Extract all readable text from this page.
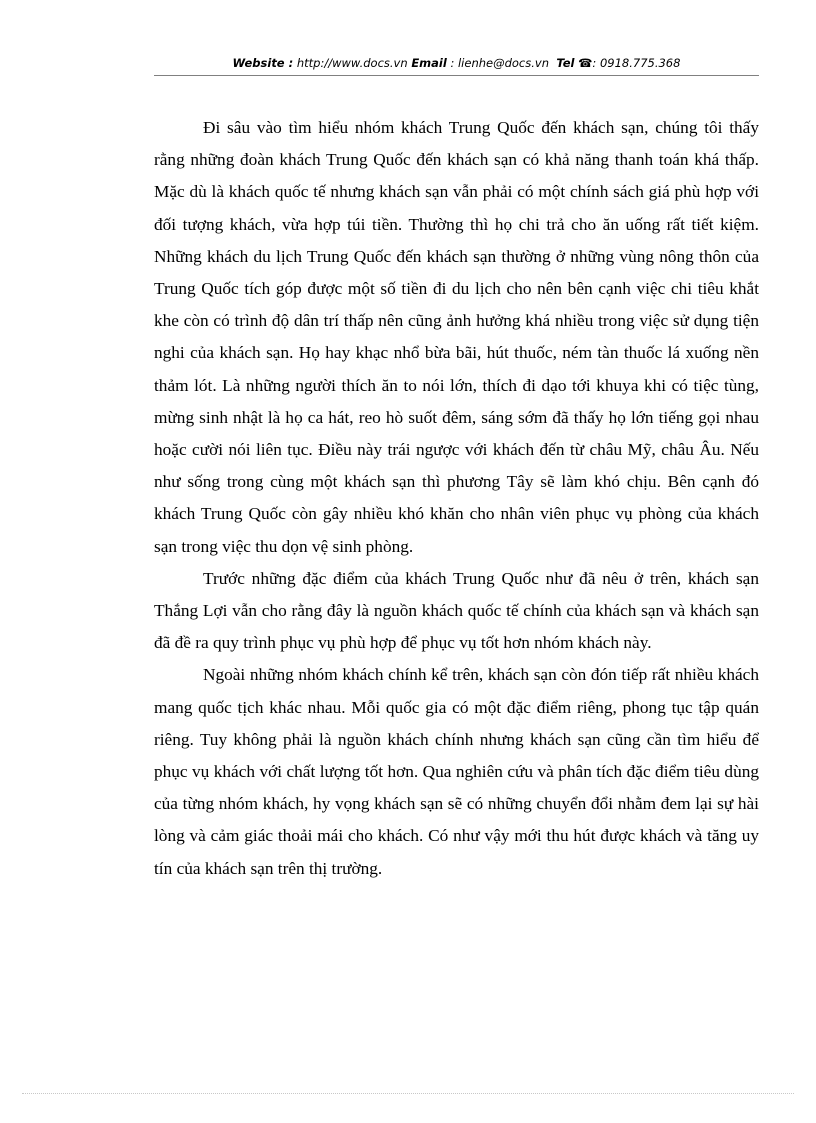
Website : http://www.docs.vn Email : lienhe@docs.vn Tel ☎: 0918.775.368

Đi sâu vào tìm hiểu nhóm khách Trung Quốc đến khách sạn, chúng tôi thấy rằng những đoàn khách Trung Quốc đến khách sạn có khả năng thanh toán khá thấp. Mặc dù là khách quốc tế nhưng khách sạn vẫn phải có một chính sách giá phù hợp với đối tượng khách, vừa hợp túi tiền. Thường thì họ chi trả cho ăn uống rất tiết kiệm. Những khách du lịch Trung Quốc đến khách sạn thường ở những vùng nông thôn của Trung Quốc tích góp được một số tiền đi du lịch cho nên bên cạnh việc chi tiêu khắt khe còn có trình độ dân trí thấp nên cũng ảnh hưởng khá nhiều trong việc sử dụng tiện nghi của khách sạn. Họ hay khạc nhổ bừa bãi, hút thuốc, ném tàn thuốc lá xuống nền thảm lót. Là những người thích ăn to nói lớn, thích đi dạo tới khuya khi có tiệc tùng, mừng sinh nhật là họ ca hát, reo hò suốt đêm, sáng sớm đã thấy họ lớn tiếng gọi nhau hoặc cười nói liên tục. Điều này trái ngược với khách đến từ châu Mỹ, châu Âu. Nếu như sống trong cùng một khách sạn thì phương Tây sẽ làm khó chịu. Bên cạnh đó khách Trung Quốc còn gây nhiều khó khăn cho nhân viên phục vụ phòng của khách sạn trong việc thu dọn vệ sinh phòng.

Trước những đặc điểm của khách Trung Quốc như đã nêu ở trên, khách sạn Thắng Lợi vẫn cho rằng đây là nguồn khách quốc tế chính của khách sạn và khách sạn đã đề ra quy trình phục vụ phù hợp để phục vụ tốt hơn nhóm khách này.

Ngoài những nhóm khách chính kể trên, khách sạn còn đón tiếp rất nhiều khách mang quốc tịch khác nhau. Mỗi quốc gia có một đặc điểm riêng, phong tục tập quán riêng. Tuy không phải là nguồn khách chính nhưng khách sạn cũng cần tìm hiểu để phục vụ khách với chất lượng tốt hơn. Qua nghiên cứu và phân tích đặc điểm tiêu dùng của từng nhóm khách, hy vọng khách sạn sẽ có những chuyển đổi nhằm đem lại sự hài lòng và cảm giác thoải mái cho khách. Có như vậy mới thu hút được khách và tăng uy tín của khách sạn trên thị trường.
